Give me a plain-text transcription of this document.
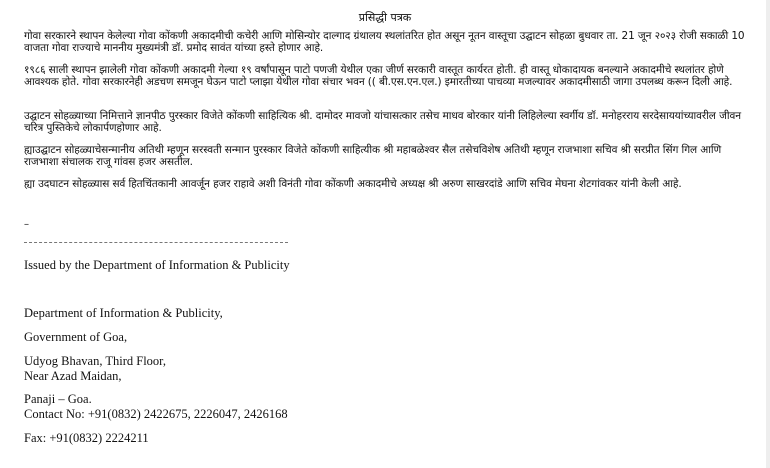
प्रसिद्धी पत्रक

गोवा सरकारने स्थापन केलेल्या गोवा कोंकणी अकादमीची कचेरी आणि मोसिन्योर दाल्गाद ग्रंथालय स्थलांतरित होत असून नूतन वास्तूचा उद्घाटन सोहळा बुधवार ता. 21 जून २०२३ रोजी सकाळी 10 वाजता गोवा राज्याचे माननीय मुख्यमंत्री डॉ. प्रमोद सावंत यांच्या हस्ते होणार आहे.

१९८६ साली स्थापन झालेली गोवा कोंकणी अकादमी गेल्या १९ वर्षांपासून पाटो पणजी येथील एका जीर्ण सरकारी वास्तूत कार्यरत होती. ही वास्तू धोकादायक बनल्याने अकादमीचे स्थलांतर होणे आवश्यक होते. गोवा सरकारनेही अडचण समजून घेऊन पाटो प्लाझा येथील गोवा संचार भवन (( बी.एस.एन.एल.) इमारतीच्या पाचव्या मजल्यावर अकादमीसाठी जागा उपलब्ध करून दिली आहे.

उद्घाटन सोहळ्याच्या निमित्ताने ज्ञानपीठ पुरस्कार विजेते कोंकणी साहित्यिक श्री. दामोदर मावजो यांचासत्कार तसेच माधव बोरकार यांनी लिहिलेल्या स्वर्गीय डॉ. मनोहरराय सरदेसाययांच्यावरील जीवन चरित्र पुस्तिकेचे लोकार्पणहोणार आहे.

ह्याउद्घाटन सोहळ्याचेसन्मानीय अतिथी म्हणून सरस्वती सन्मान पुरस्कार विजेते कोंकणी साहित्यीक श्री महाबळेश्वर सैल तसेचविशेष अतिथी म्हणून राजभाशा सचिव श्री सरप्रीत सिंग गिल आणि राजभाशा संचालक राजू गांवस हजर असतील.

ह्या उदघाटन सोहळ्यास सर्व हितचिंतकानी आवर्जून हजर राहावे अशी विनंती गोवा कोंकणी अकादमीचे अध्यक्ष श्री अरुण साखरदांडे आणि सचिव मेघना शेटगांवकर यांनी केली आहे.

–

Issued by the Department of Information & Publicity

Department of Information & Publicity,

Government of Goa,

Udyog Bhavan, Third Floor,

Near Azad Maidan,

Panaji – Goa.

Contact No: +91(0832) 2422675, 2226047, 2426168

Fax: +91(0832) 2224211
